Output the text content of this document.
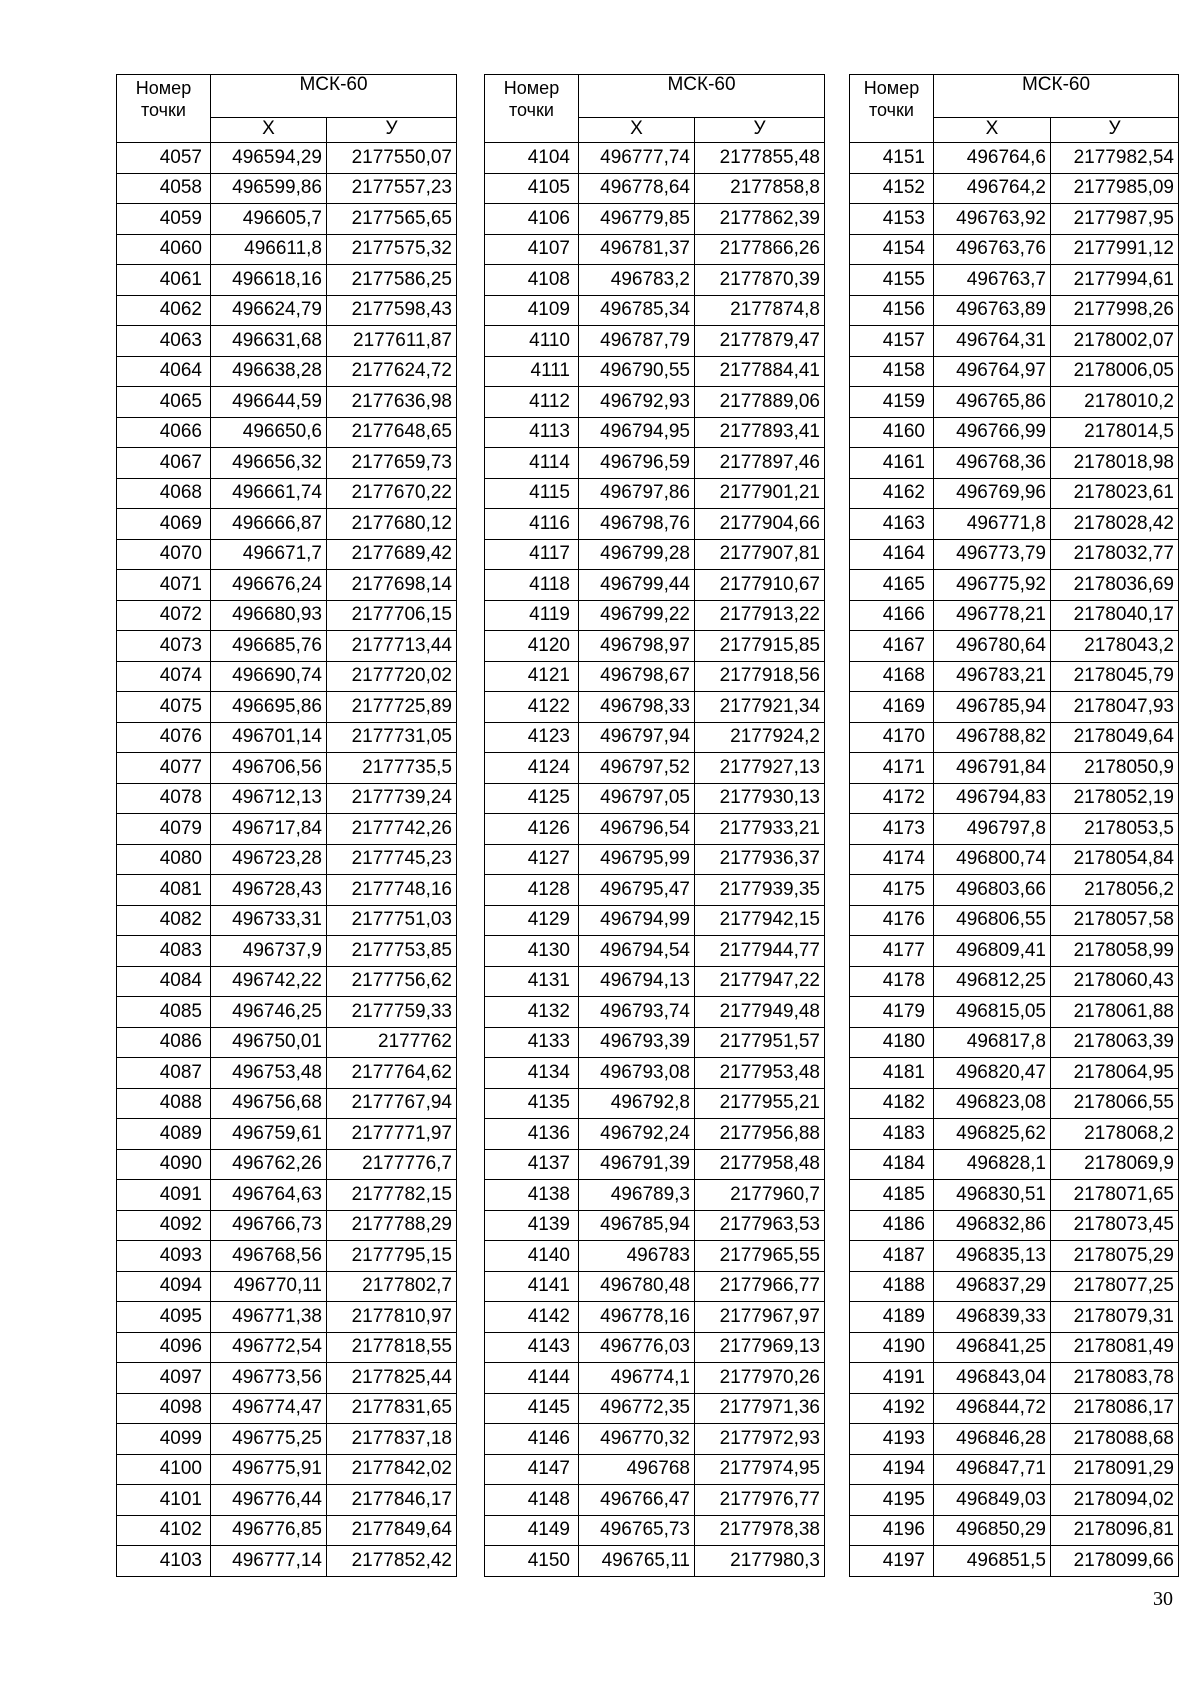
Номер точки	МСК-60	
	X	У
4057	496594,29	2177550,07
4058	496599,86	2177557,23
4059	496605,7	2177565,65
4060	496611,8	2177575,32
4061	496618,16	2177586,25
4062	496624,79	2177598,43
4063	496631,68	2177611,87
4064	496638,28	2177624,72
4065	496644,59	2177636,98
4066	496650,6	2177648,65
4067	496656,32	2177659,73
4068	496661,74	2177670,22
4069	496666,87	2177680,12
4070	496671,7	2177689,42
4071	496676,24	2177698,14
4072	496680,93	2177706,15
4073	496685,76	2177713,44
4074	496690,74	2177720,02
4075	496695,86	2177725,89
4076	496701,14	2177731,05
4077	496706,56	2177735,5
4078	496712,13	2177739,24
4079	496717,84	2177742,26
4080	496723,28	2177745,23
4081	496728,43	2177748,16
4082	496733,31	2177751,03
4083	496737,9	2177753,85
4084	496742,22	2177756,62
4085	496746,25	2177759,33
4086	496750,01	2177762
4087	496753,48	2177764,62
4088	496756,68	2177767,94
4089	496759,61	2177771,97
4090	496762,26	2177776,7
4091	496764,63	2177782,15
4092	496766,73	2177788,29
4093	496768,56	2177795,15
4094	496770,11	2177802,7
4095	496771,38	2177810,97
4096	496772,54	2177818,55
4097	496773,56	2177825,44
4098	496774,47	2177831,65
4099	496775,25	2177837,18
4100	496775,91	2177842,02
4101	496776,44	2177846,17
4102	496776,85	2177849,64
4103	496777,14	2177852,42
Номер точки	МСК-60	
	X	У
4104	496777,74	2177855,48
4105	496778,64	2177858,8
4106	496779,85	2177862,39
4107	496781,37	2177866,26
4108	496783,2	2177870,39
4109	496785,34	2177874,8
4110	496787,79	2177879,47
4111	496790,55	2177884,41
4112	496792,93	2177889,06
4113	496794,95	2177893,41
4114	496796,59	2177897,46
4115	496797,86	2177901,21
4116	496798,76	2177904,66
4117	496799,28	2177907,81
4118	496799,44	2177910,67
4119	496799,22	2177913,22
4120	496798,97	2177915,85
4121	496798,67	2177918,56
4122	496798,33	2177921,34
4123	496797,94	2177924,2
4124	496797,52	2177927,13
4125	496797,05	2177930,13
4126	496796,54	2177933,21
4127	496795,99	2177936,37
4128	496795,47	2177939,35
4129	496794,99	2177942,15
4130	496794,54	2177944,77
4131	496794,13	2177947,22
4132	496793,74	2177949,48
4133	496793,39	2177951,57
4134	496793,08	2177953,48
4135	496792,8	2177955,21
4136	496792,24	2177956,88
4137	496791,39	2177958,48
4138	496789,3	2177960,7
4139	496785,94	2177963,53
4140	496783	2177965,55
4141	496780,48	2177966,77
4142	496778,16	2177967,97
4143	496776,03	2177969,13
4144	496774,1	2177970,26
4145	496772,35	2177971,36
4146	496770,32	2177972,93
4147	496768	2177974,95
4148	496766,47	2177976,77
4149	496765,73	2177978,38
4150	496765,11	2177980,3
Номер точки	МСК-60	
	X	У
4151	496764,6	2177982,54
4152	496764,2	2177985,09
4153	496763,92	2177987,95
4154	496763,76	2177991,12
4155	496763,7	2177994,61
4156	496763,89	2177998,26
4157	496764,31	2178002,07
4158	496764,97	2178006,05
4159	496765,86	2178010,2
4160	496766,99	2178014,5
4161	496768,36	2178018,98
4162	496769,96	2178023,61
4163	496771,8	2178028,42
4164	496773,79	2178032,77
4165	496775,92	2178036,69
4166	496778,21	2178040,17
4167	496780,64	2178043,2
4168	496783,21	2178045,79
4169	496785,94	2178047,93
4170	496788,82	2178049,64
4171	496791,84	2178050,9
4172	496794,83	2178052,19
4173	496797,8	2178053,5
4174	496800,74	2178054,84
4175	496803,66	2178056,2
4176	496806,55	2178057,58
4177	496809,41	2178058,99
4178	496812,25	2178060,43
4179	496815,05	2178061,88
4180	496817,8	2178063,39
4181	496820,47	2178064,95
4182	496823,08	2178066,55
4183	496825,62	2178068,2
4184	496828,1	2178069,9
4185	496830,51	2178071,65
4186	496832,86	2178073,45
4187	496835,13	2178075,29
4188	496837,29	2178077,25
4189	496839,33	2178079,31
4190	496841,25	2178081,49
4191	496843,04	2178083,78
4192	496844,72	2178086,17
4193	496846,28	2178088,68
4194	496847,71	2178091,29
4195	496849,03	2178094,02
4196	496850,29	2178096,81
4197	496851,5	2178099,66
30
